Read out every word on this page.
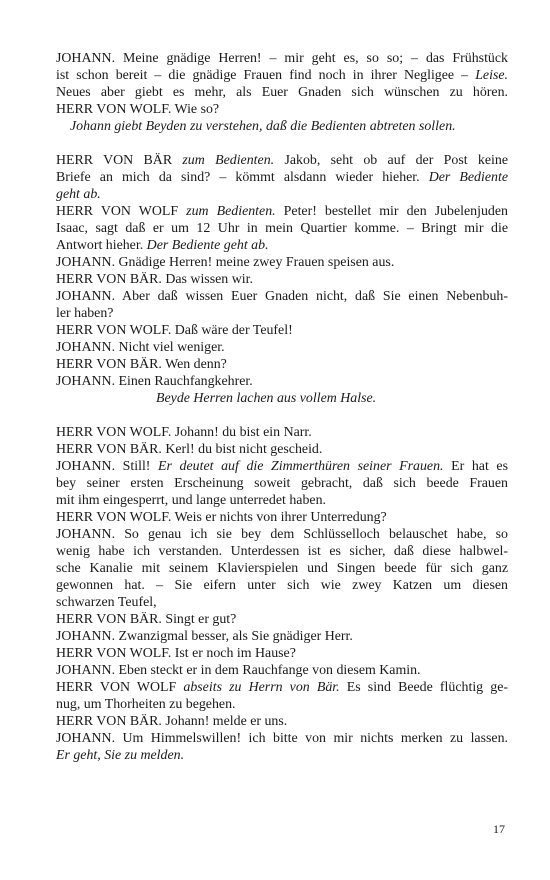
JOHANN. Meine gnädige Herren! – mir geht es, so so; – das Frühstück
ist schon bereit – die gnädige Frauen find noch in ihrer Negligee – Leise.
Neues aber giebt es mehr, als Euer Gnaden sich wünschen zu hören.
HERR VON WOLF. Wie so?
Johann giebt Beyden zu verstehen, daß die Bedienten abtreten sollen.
HERR VON BÄR zum Bedienten. Jakob, seht ob auf der Post keine
Briefe an mich da sind? – kömmt alsdann wieder hieher. Der Bediente
geht ab.
HERR VON WOLF zum Bedienten. Peter! bestellet mir den Jubelenjuden
Isaac, sagt daß er um 12 Uhr in mein Quartier komme. – Bringt mir die
Antwort hieher. Der Bediente geht ab.
JOHANN. Gnädige Herren! meine zwey Frauen speisen aus.
HERR VON BÄR. Das wissen wir.
JOHANN. Aber daß wissen Euer Gnaden nicht, daß Sie einen Nebenbuh-
ler haben?
HERR VON WOLF. Daß wäre der Teufel!
JOHANN. Nicht viel weniger.
HERR VON BÄR. Wen denn?
JOHANN. Einen Rauchfangkehrer.
Beyde Herren lachen aus vollem Halse.
HERR VON WOLF. Johann! du bist ein Narr.
HERR VON BÄR. Kerl! du bist nicht gescheid.
JOHANN. Still! Er deutet auf die Zimmerthüren seiner Frauen. Er hat es
bey seiner ersten Erscheinung soweit gebracht, daß sich beede Frauen
mit ihm eingesperrt, und lange unterredet haben.
HERR VON WOLF. Weis er nichts von ihrer Unterredung?
JOHANN. So genau ich sie bey dem Schlüsselloch belauschet habe, so
wenig habe ich verstanden. Unterdessen ist es sicher, daß diese halbwel-
sche Kanalie mit seinem Klavierspielen und Singen beede für sich ganz
gewonnen hat. – Sie eifern unter sich wie zwey Katzen um diesen
schwarzen Teufel,
HERR VON BÄR. Singt er gut?
JOHANN. Zwanzigmal besser, als Sie gnädiger Herr.
HERR VON WOLF. Ist er noch im Hause?
JOHANN. Eben steckt er in dem Rauchfange von diesem Kamin.
HERR VON WOLF abseits zu Herrn von Bär. Es sind Beede flüchtig ge-
nug, um Thorheiten zu begehen.
HERR VON BÄR. Johann! melde er uns.
JOHANN. Um Himmelswillen! ich bitte von mir nichts merken zu lassen.
Er geht, Sie zu melden.
17
